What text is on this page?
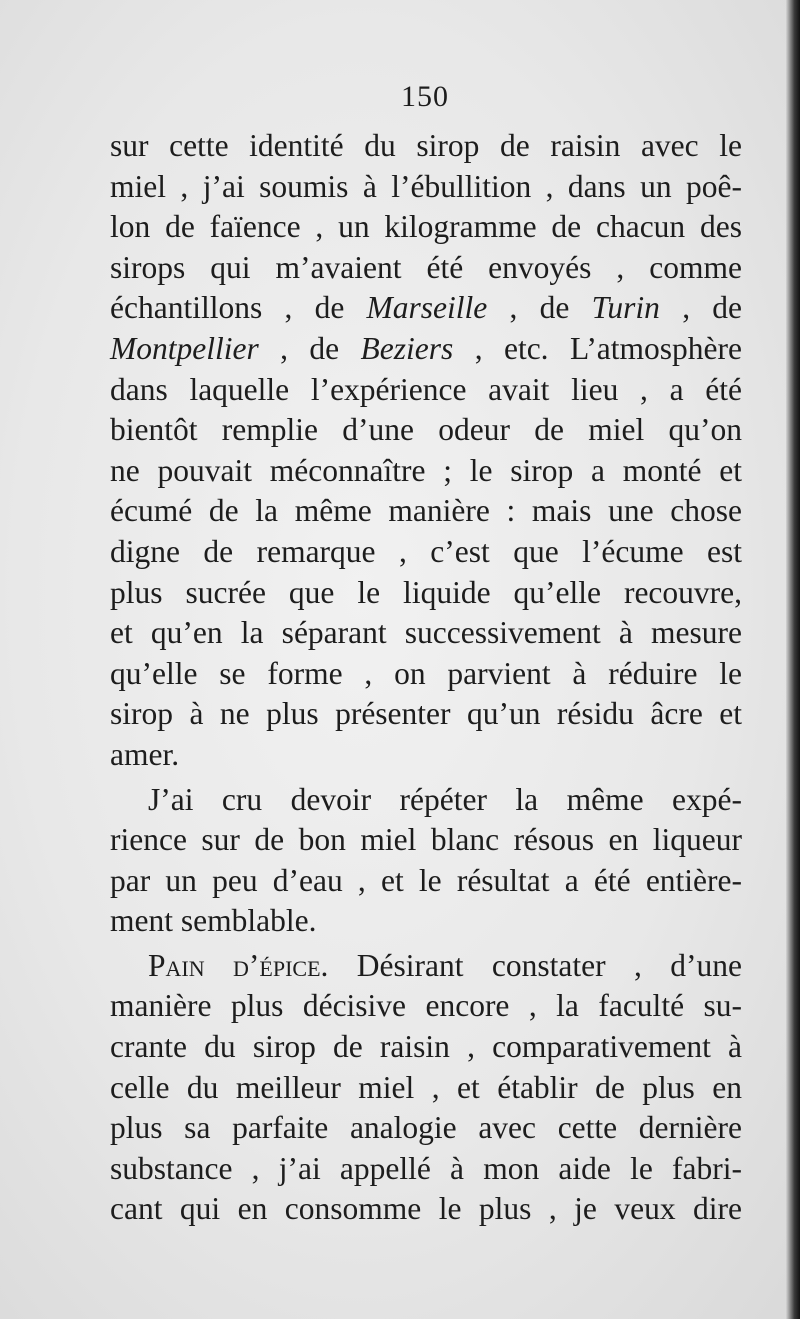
150
sur cette identité du sirop de raisin avec le
miel , j’ai soumis à l’ébullition , dans un poê-
lon de faïence , un kilogramme de chacun des
sirops qui m’avaient été envoyés , comme
échantillons , de Marseille , de Turin , de
Montpellier , de Beziers , etc. L’atmosphère
dans laquelle l’expérience avait lieu , a été
bientôt remplie d’une odeur de miel qu’on
ne pouvait méconnaître ; le sirop a monté et
écumé de la même manière : mais une chose
digne de remarque , c’est que l’écume est
plus sucrée que le liquide qu’elle recouvre,
et qu’en la séparant successivement à mesure
qu’elle se forme , on parvient à réduire le
sirop à ne plus présenter qu’un résidu âcre et
amer.
J’ai cru devoir répéter la même expé-
rience sur de bon miel blanc résous en liqueur
par un peu d’eau , et le résultat a été entière-
ment semblable.
Pain d’épice. Désirant constater , d’une
manière plus décisive encore , la faculté su-
crante du sirop de raisin , comparativement à
celle du meilleur miel , et établir de plus en
plus sa parfaite analogie avec cette dernière
substance , j’ai appellé à mon aide le fabri-
cant qui en consomme le plus , je veux dire
